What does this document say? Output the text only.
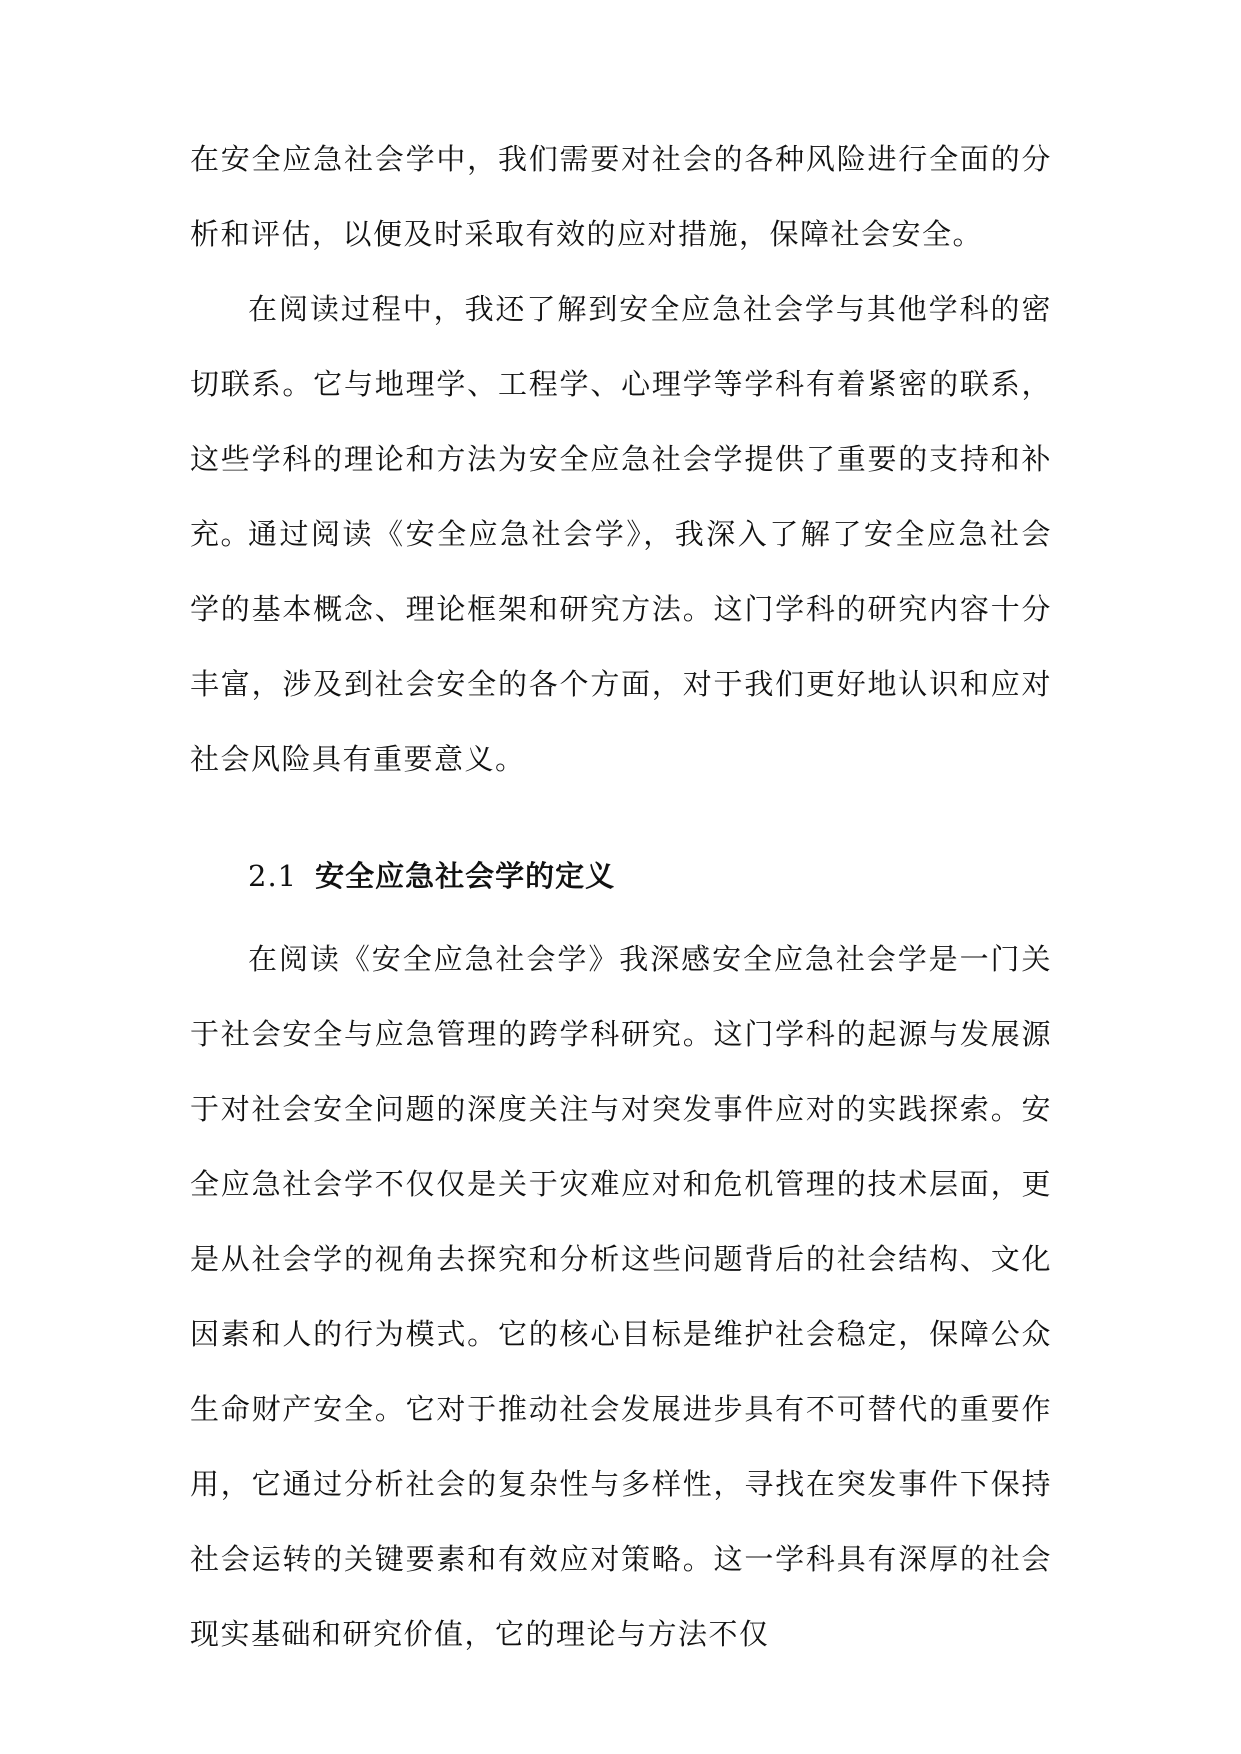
在安全应急社会学中，我们需要对社会的各种风险进行全面的分析和评估，以便及时采取有效的应对措施，保障社会安全。

在阅读过程中，我还了解到安全应急社会学与其他学科的密切联系。它与地理学、工程学、心理学等学科有着紧密的联系，这些学科的理论和方法为安全应急社会学提供了重要的支持和补充。

通过阅读《安全应急社会学》，我深入了解了安全应急社会学的基本概念、理论框架和研究方法。这门学科的研究内容十分丰富，涉及到社会安全的各个方面，对于我们更好地认识和应对社会风险具有重要意义。

2.1 安全应急社会学的定义

在阅读《安全应急社会学》我深感安全应急社会学是一门关于社会安全与应急管理的跨学科研究。这门学科的起源与发展源于对社会安全问题的深度关注与对突发事件应对的实践探索。安全应急社会学不仅仅是关于灾难应对和危机管理的技术层面，更是从社会学的视角去探究和分析这些问题背后的社会结构、文化因素和人的行为模式。它的核心目标是维护社会稳定，保障公众生命财产安全。它对于推动社会发展进步具有不可替代的重要作用，它通过分析社会的复杂性与多样性，寻找在突发事件下保持社会运转的关键要素和有效应对策略。这一学科具有深厚的社会现实基础和研究价值，它的理论与方法不仅
